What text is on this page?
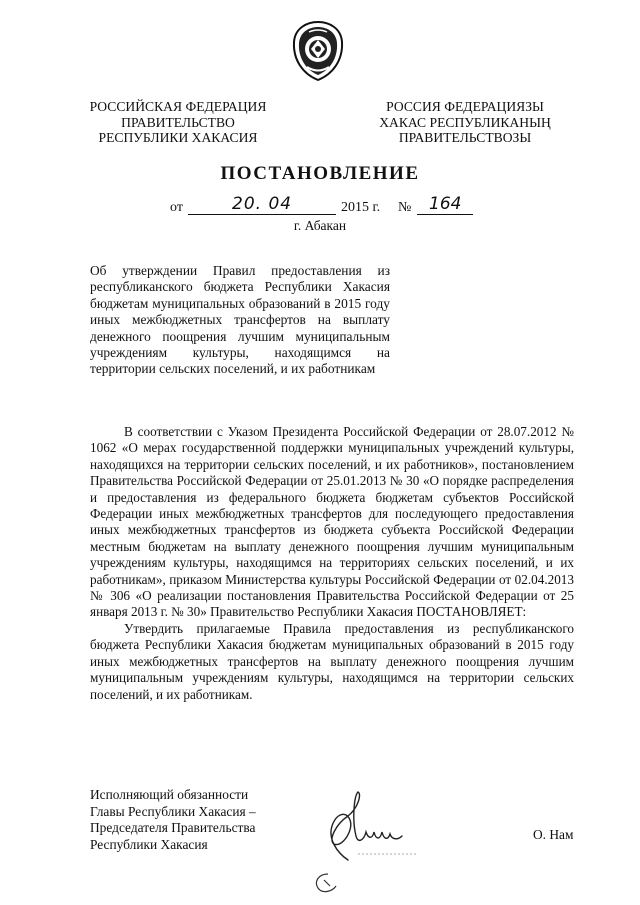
РОССИЙСКАЯ ФЕДЕРАЦИЯ
ПРАВИТЕЛЬСТВО
РЕСПУБЛИКИ ХАКАСИЯ
РОССИЯ ФЕДЕРАЦИЯЗЫ
ХАКАС РЕСПУБЛИКАНЫҢ
ПРАВИТЕЛЬСТВОЗЫ
ПОСТАНОВЛЕНИЕ
от	20. 04	2015 г. № 164
г. Абакан
Об утверждении Правил предоставления из республиканского бюджета Республики Хакасия бюджетам муниципальных образований в 2015 году иных межбюджетных трансфертов на выплату денежного поощрения лучшим муниципальным учреждениям культуры, находящимся на территории сельских поселений, и их работникам

В соответствии с Указом Президента Российской Федерации от 28.07.2012 № 1062 «О мерах государственной поддержки муниципальных учреждений культуры, находящихся на территории сельских поселений, и их работников», постановлением Правительства Российской Федерации от 25.01.2013 № 30 «О порядке распределения и предоставления из федерального бюджета бюджетам субъектов Российской Федерации иных межбюджетных трансфертов для последующего предоставления иных межбюджетных трансфертов из бюджета субъекта Российской Федерации местным бюджетам на выплату денежного поощрения лучшим муниципальным учреждениям культуры, находящимся на территориях сельских поселений, и их работникам», приказом Министерства культуры Российской Федерации от 02.04.2013 № 306 «О реализации постановления Правительства Российской Федерации от 25 января 2013 г. № 30» Правительство Республики Хакасия ПОСТАНОВЛЯЕТ:

Утвердить прилагаемые Правила предоставления из республиканского бюджета Республики Хакасия бюджетам муниципальных образований в 2015 году иных межбюджетных трансфертов на выплату денежного поощрения лучшим муниципальным учреждениям культуры, находящимся на территории сельских поселений, и их работникам.

Исполняющий обязанности
Главы Республики Хакасия –
Председателя Правительства
Республики Хакасия
О. Нам
